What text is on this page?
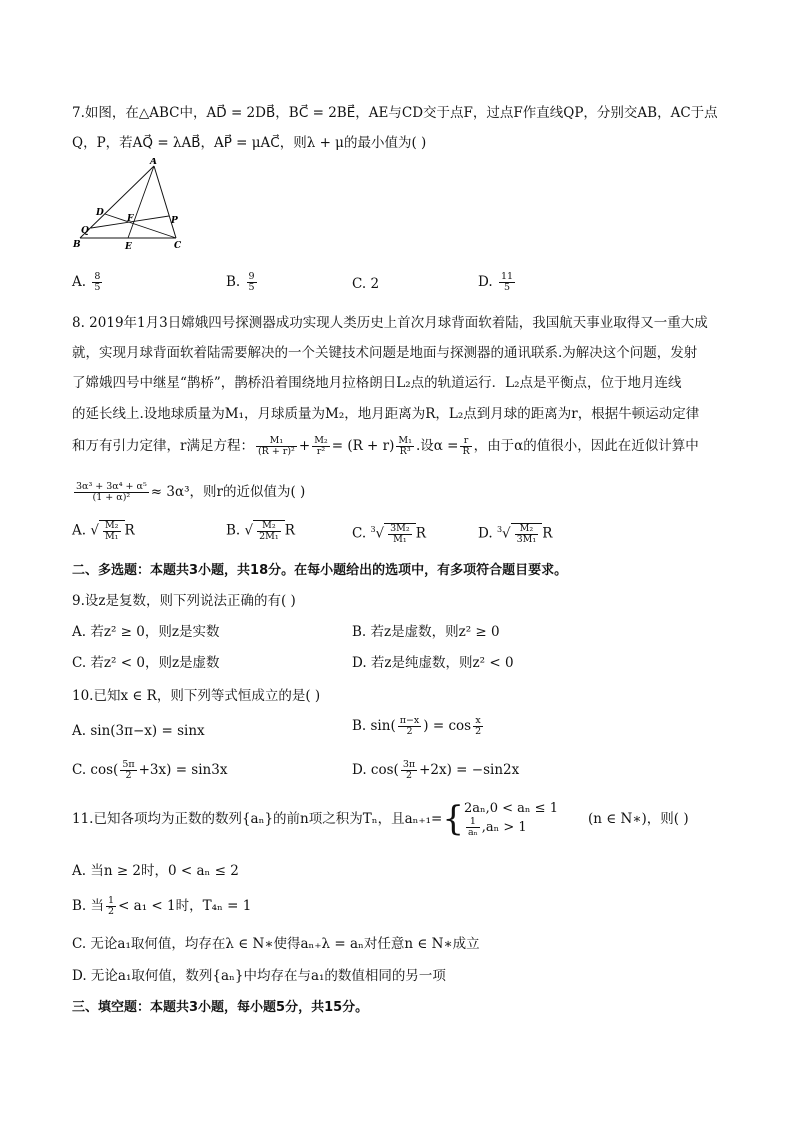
7.如图，在△ABC中，AD⃗ = 2DB⃗，BC⃗ = 2BE⃗，AE与CD交于点F，过点F作直线QP，分别交AB，AC于点
Q，P，若AQ⃗ = λAB⃗，AP⃗ = μAC⃗，则λ + μ的最小值为( )
A
D
F	P
Q
B	E	C
A. $\frac{8}{5}$	B. $\frac{9}{5}$	C. 2	D. $\frac{11}{5}$
8. 2019年1月3日嫦娥四号探测器成功实现人类历史上首次月球背面软着陆，我国航天事业取得又一重大成
就，实现月球背面软着陆需要解决的一个关键技术问题是地面与探测器的通讯联系.为解决这个问题，发射
了嫦娥四号中继星“鹊桥”，鹊桥沿着围绕地月拉格朗日L₂点的轨道运行．L₂点是平衡点，位于地月连线
的延长线上.设地球质量为M₁，月球质量为M₂，地月距离为R，L₂点到月球的距离为r，根据牛顿运动定律
和万有引力定律，r满足方程： $\frac{\text{M₁}}{\text{(R + r)²}} + \frac{\text{M₂}}{\text{r²}} = (R + r) \frac{\text{M₁}}{\text{R³}}$ .设$\alpha = \frac{r}{R}$ ，由于α的值很小，因此在近似计算中
$\frac{\text{3α³ + 3α⁴ + α⁵}}{\text{(1 + α)²}} \approx 3\alpha^3$，则r的近似值为( )
A. √ $\frac{\text{M₂}}{\text{M₁}}$ R	B. √ $\frac{\text{M₂}}{\text{2M₁}}$ R	C. $^3√ \frac{\text{3M₂}}{\text{M₁}}$ R	D. $^3√ \frac{\text{M₂}}{\text{3M₁}}$ R
二、多选题：本题共3小题，共18分。在每小题给出的选项中，有多项符合题目要求。
9.设z是复数，则下列说法正确的有( )
A. 若z² ≥ 0，则z是实数	B. 若z是虚数，则z² ≥ 0
C. 若z² < 0，则z是虚数	D. 若z是纯虚数，则z² < 0
10.已知x ∈ R，则下列等式恒成立的是( )
A. sin(3π−x) = sinx	B. $\sin( \frac{\pi-x}{2}$ ) = $\cos \frac{x}{2}$
C. $\cos( \frac{5\pi}{2} +3x) = \sin 3x$	D. $\cos( \frac{3\pi}{2} +2x) = -\sin 2x$
11.已知各项均为正数的数列{aₙ}的前n项之积为Tₙ，且aₙ₊₁={2aₙ,0 < aₙ ≤ 1

$\frac{1}{\text{aₙ}} ,a_n > 1(n$ ∈ N∗)，则( )
A. 当n ≥ 2时，0 < aₙ ≤ 2
B. 当 $\frac{1}{2} < a_1 < 1$时，T₄ₙ = 1
C. 无论a₁取何值，均存在λ ∈ N∗使得aₙ₊λ = aₙ对任意n ∈ N∗成立
D. 无论a₁取何值，数列{aₙ}中均存在与a₁的数值相同的另一项
三、填空题：本题共3小题，每小题5分，共15分。
